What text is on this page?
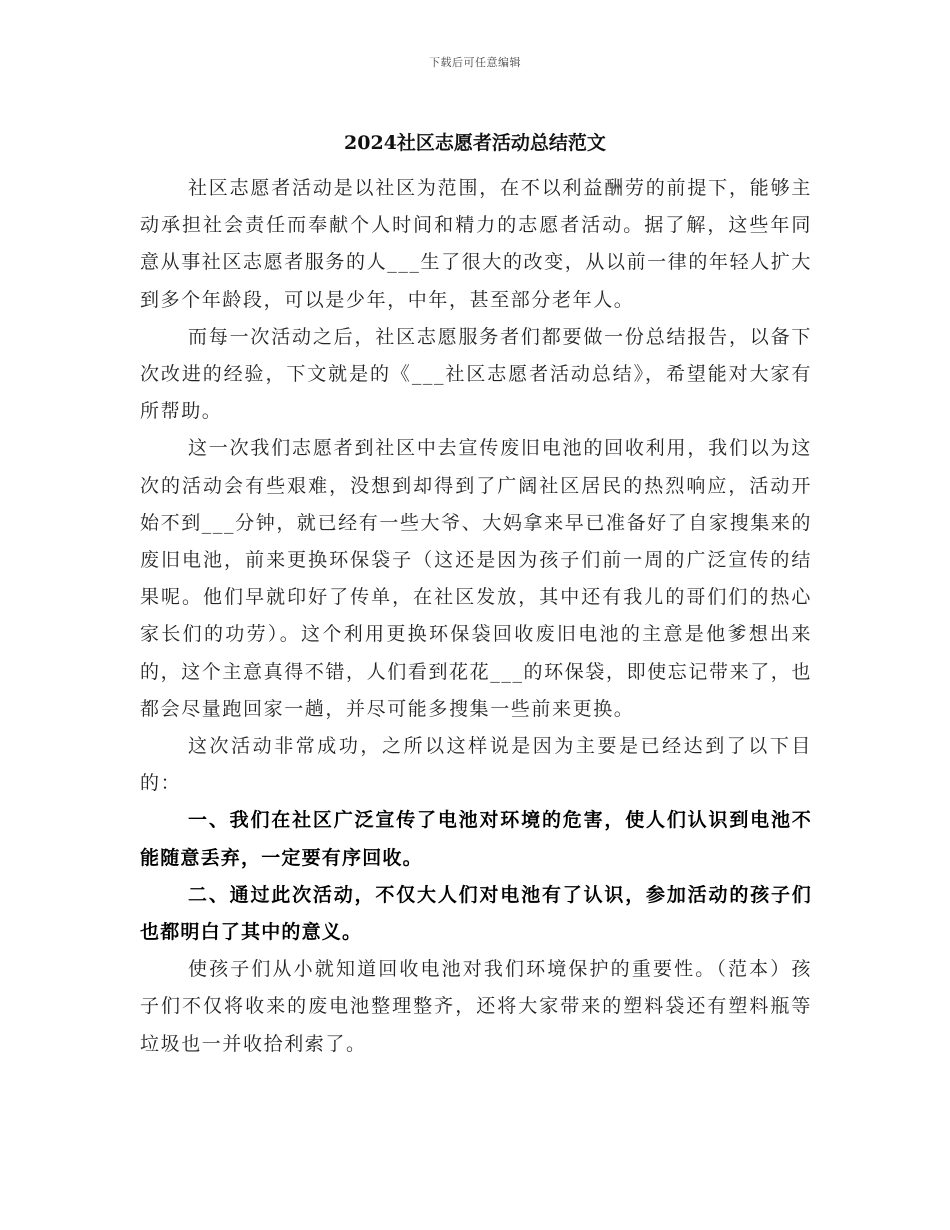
下载后可任意编辑
2024社区志愿者活动总结范文

社区志愿者活动是以社区为范围，在不以利益酬劳的前提下，能够主动承担社会责任而奉献个人时间和精力的志愿者活动。据了解，这些年同意从事社区志愿者服务的人___生了很大的改变，从以前一律的年轻人扩大到多个年龄段，可以是少年，中年，甚至部分老年人。

而每一次活动之后，社区志愿服务者们都要做一份总结报告，以备下次改进的经验，下文就是的《___社区志愿者活动总结》，希望能对大家有所帮助。

这一次我们志愿者到社区中去宣传废旧电池的回收利用，我们以为这次的活动会有些艰难，没想到却得到了广阔社区居民的热烈响应，活动开始不到___分钟，就已经有一些大爷、大妈拿来早已准备好了自家搜集来的废旧电池，前来更换环保袋子（这还是因为孩子们前一周的广泛宣传的结果呢。他们早就印好了传单，在社区发放，其中还有我儿的哥们们的热心家长们的功劳）。这个利用更换环保袋回收废旧电池的主意是他爹想出来的，这个主意真得不错，人们看到花花___的环保袋，即使忘记带来了，也都会尽量跑回家一趟，并尽可能多搜集一些前来更换。

这次活动非常成功，之所以这样说是因为主要是已经达到了以下目的：

一、我们在社区广泛宣传了电池对环境的危害，使人们认识到电池不能随意丢弃，一定要有序回收。

二、通过此次活动，不仅大人们对电池有了认识，参加活动的孩子们也都明白了其中的意义。

使孩子们从小就知道回收电池对我们环境保护的重要性。（范本）孩子们不仅将收来的废电池整理整齐，还将大家带来的塑料袋还有塑料瓶等垃圾也一并收拾利索了。
